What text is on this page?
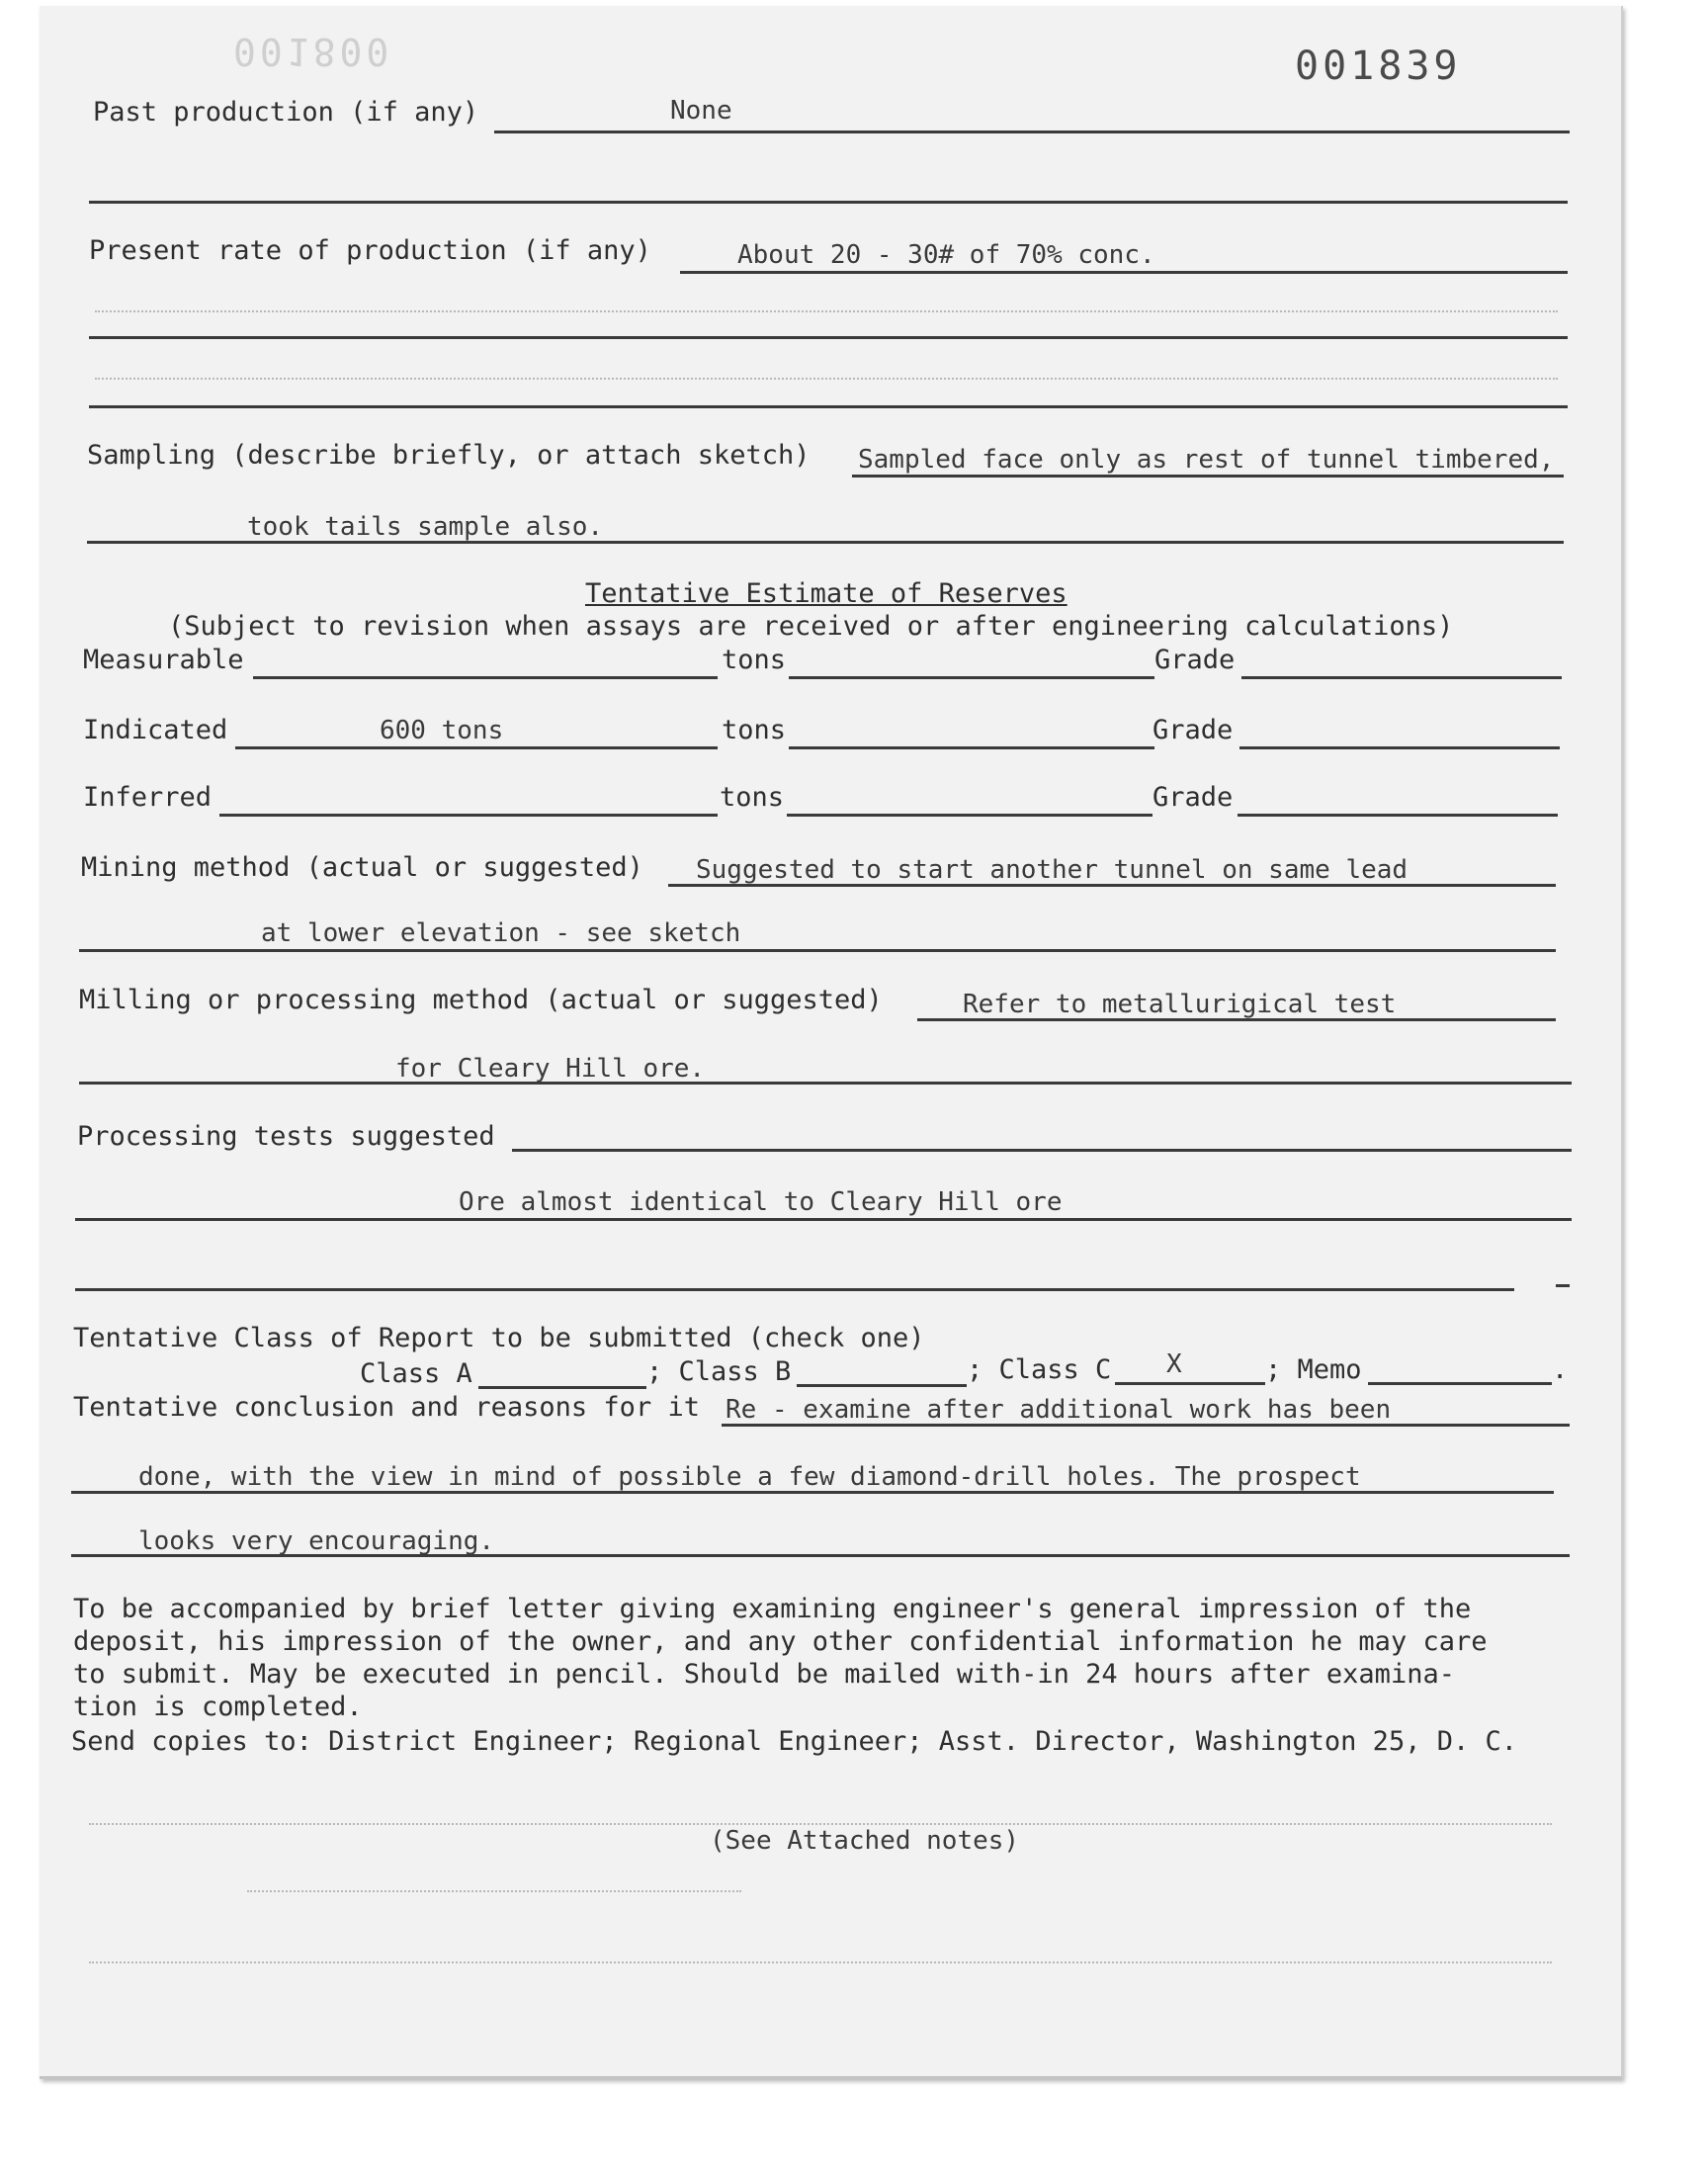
001800	001839
Past production (if any)	None
Present rate of production (if any)	About 20 - 30# of 70% conc.
Sampling (describe briefly, or attach sketch) Sampled face only as rest of tunnel timbered,
took tails sample also.
Tentative Estimate of Reserves
(Subject to revision when assays are received or after engineering calculations)
Measurable	tons	Grade
Indicated	600 tons	tons	Grade
Inferred	tons	Grade
Mining method (actual or suggested) Suggested to start another tunnel on same lead
at lower elevation - see sketch
Milling or processing method (actual or suggested)	Refer to metallurigical test
for Cleary Hill ore.
Processing tests suggested
Ore almost identical to Cleary Hill ore
Tentative Class of Report to be submitted (check one)
Class A	; Class B	; Class C X	; Memo	.
Tentative conclusion and reasons for it Re - examine after additional work has been
done, with the view in mind of possible a few diamond-drill holes. The prospect
looks very encouraging.
To be accompanied by brief letter giving examining engineer's general impression of the
deposit, his impression of the owner, and any other confidential information he may care
to submit. May be executed in pencil. Should be mailed with-in 24 hours after examina-
tion is completed.
Send copies to: District Engineer; Regional Engineer; Asst. Director, Washington 25, D. C.
(See Attached notes)
